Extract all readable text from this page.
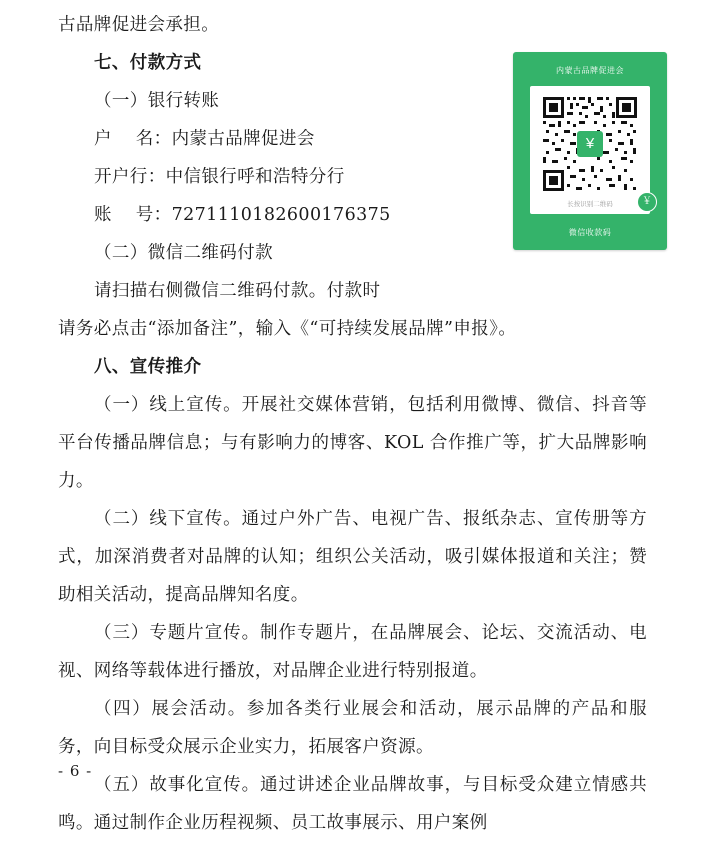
内蒙古品牌促进会
¥
长按识别二维码	￥
微信收款码

古品牌促进会承担。

七、付款方式

（一）银行转账

户　 名：内蒙古品牌促进会

开户行：中信银行呼和浩特分行

账　 号：7271110182600176375

（二）微信二维码付款

请扫描右侧微信二维码付款。付款时

请务必点击“添加备注”，输入《“可持续发展品牌”申报》。

八、宣传推介

（一）线上宣传。开展社交媒体营销，包括利用微博、微信、抖音等平台传播品牌信息；与有影响力的博客、KOL 合作推广等，扩大品牌影响力。

（二）线下宣传。通过户外广告、电视广告、报纸杂志、宣传册等方式，加深消费者对品牌的认知；组织公关活动，吸引媒体报道和关注；赞助相关活动，提高品牌知名度。

（三）专题片宣传。制作专题片，在品牌展会、论坛、交流活动、电视、网络等载体进行播放，对品牌企业进行特别报道。

（四）展会活动。参加各类行业展会和活动，展示品牌的产品和服务，向目标受众展示企业实力，拓展客户资源。

（五）故事化宣传。通过讲述企业品牌故事，与目标受众建立情感共鸣。通过制作企业历程视频、员工故事展示、用户案例

- 6 -
